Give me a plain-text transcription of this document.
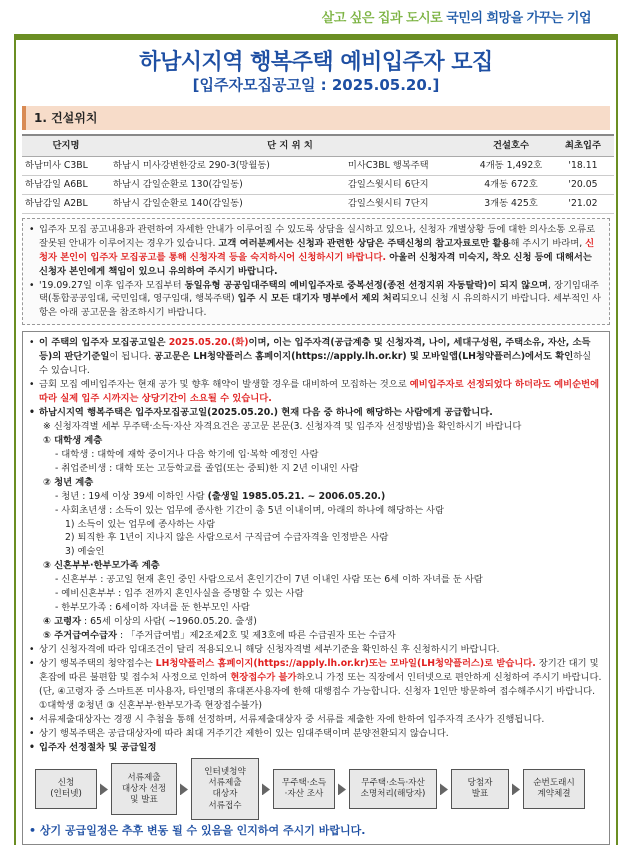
살고 싶은 집과 도시로 국민의 희망을 가꾸는 기업
하남시지역 행복주택 예비입주자 모집
[입주자모집공고일 : 2025.05.20.]
1. 건설위치
단지명	단 지 위 치		건설호수	최초입주
하남미사 C3BL	하남시 미사강변한강로 290-3(망월동)	미사C3BL 행복주택	4개동 1,492호	'18.11
하남감일 A6BL	하남시 감일순환로 130(감일동)	감일스윗시티 6단지	4개동 672호	'20.05
하남감일 A2BL	하남시 감일순환로 140(감일동)	감일스윗시티 7단지	3개동 425호	'21.02
• 입주자 모집 공고내용과 관련하여 자세한 안내가 이루어질 수 있도록 상담을 실시하고 있으나, 신청자 개별상황 등에 대한 의사소통 오류로 잘못된 안내가 이루어지는 경우가 있습니다. 고객 여러분께서는 신청과 관련한 상담은 주택신청의 참고자료로만 활용해 주시기 바라며, 신청자 본인이 입주자 모집공고를 통해 신청자격 등을 숙지하시어 신청하시기 바랍니다. 아울러 신청자격 미숙지, 착오 신청 등에 대해서는 신청자 본인에게 책임이 있으니 유의하여 주시기 바랍니다.
• '19.09.27일 이후 입주자 모집부터 동일유형 공공임대주택의 예비입주자로 중복선정(종전 선정지위 자동탈락)이 되지 않으며, 장기임대주택(통합공공임대, 국민임대, 영구임대, 행복주택) 입주 시 모든 대기자 명부에서 제외 처리되오니 신청 시 유의하시기 바랍니다. 세부적인 사항은 아래 공고문을 참조하시기 바랍니다.
• 이 주택의 입주자 모집공고일은 2025.05.20.(화)이며, 이는 입주자격(공급계층 및 신청자격, 나이, 세대구성원, 주택소유, 자산, 소득 등)의 판단기준일이 됩니다. 공고문은 LH청약플러스 홈페이지(https://apply.lh.or.kr) 및 모바일앱(LH청약플러스)에서도 확인하실 수 있습니다.
• 금회 모집 예비입주자는 현재 공가 및 향후 해약이 발생할 경우를 대비하여 모집하는 것으로 예비입주자로 선정되었다 하더라도 예비순번에 따라 실제 입주 시까지는 상당기간이 소요될 수 있습니다.
• 하남시지역 행복주택은 입주자모집공고일(2025.05.20.) 현재 다음 중 하나에 해당하는 사람에게 공급합니다.
※ 신청자격별 세부 무주택·소득·자산 자격요건은 공고문 본문(3. 신청자격 및 입주자 선정방법)을 확인하시기 바랍니다
① 대학생 계층
- 대학생 : 대학에 재학 중이거나 다음 학기에 입·복학 예정인 사람
- 취업준비생 : 대학 또는 고등학교를 졸업(또는 중퇴)한 지 2년 이내인 사람
② 청년 계층
- 청년 : 19세 이상 39세 이하인 사람 (출생일 1985.05.21. ~ 2006.05.20.)
- 사회초년생 : 소득이 있는 업무에 종사한 기간이 총 5년 이내이며, 아래의 하나에 해당하는 사람
1) 소득이 있는 업무에 종사하는 사람
2) 퇴직한 후 1년이 지나지 않은 사람으로서 구직급여 수급자격을 인정받은 사람
3) 예술인
③ 신혼부부·한부모가족 계층
- 신혼부부 : 공고일 현재 혼인 중인 사람으로서 혼인기간이 7년 이내인 사람 또는 6세 이하 자녀를 둔 사람
- 예비신혼부부 : 입주 전까지 혼인사실을 증명할 수 있는 사람
- 한부모가족 : 6세이하 자녀를 둔 한부모인 사람
④ 고령자 : 65세 이상의 사람( ~1960.05.20. 출생)
⑤ 주거급여수급자 : 「주거급여법」제2조제2호 및 제3호에 따른 수급권자 또는 수급자
• 상기 신청자격에 따라 임대조건이 달리 적용되오니 해당 신청자격별 세부기준을 확인하신 후 신청하시기 바랍니다.
• 상기 행복주택의 청약접수는 LH청약플러스 홈페이지(https://apply.lh.or.kr)또는 모바일(LH청약플러스)로 받습니다. 장기간 대기 및 혼잡에 따른 불편함 및 접수처 사정으로 인하여 현장접수가 불가하오니 가정 또는 직장에서 인터넷으로 편안하게 신청하여 주시기 바랍니다. (단, ④고령자 중 스마트폰 미사용자, 타인명의 휴대폰사용자에 한해 대행접수 가능합니다. 신청자 1인만 방문하여 접수해주시기 바랍니다. ①대학생 ②청년 ③ 신혼부부·한부모가족 현장접수불가)
• 서류제출대상자는 경쟁 시 추첨을 통해 선정하며, 서류제출대상자 중 서류를 제출한 자에 한하여 입주자격 조사가 진행됩니다.
• 상기 행복주택은 공급대상자에 따라 최대 거주기간 제한이 있는 임대주택이며 분양전환되지 않습니다.
• 입주자 선정절차 및 공급일정
신청
(인터넷)
서류제출
대상자 선정
및 발표
인터넷청약
서류제출
대상자
서류접수
무주택·소득
·자산 조사
무주택·소득·자산
소명처리(해당자)
당첨자
발표
순번도래시
계약체결
• 상기 공급일정은 추후 변동 될 수 있음을 인지하여 주시기 바랍니다.
